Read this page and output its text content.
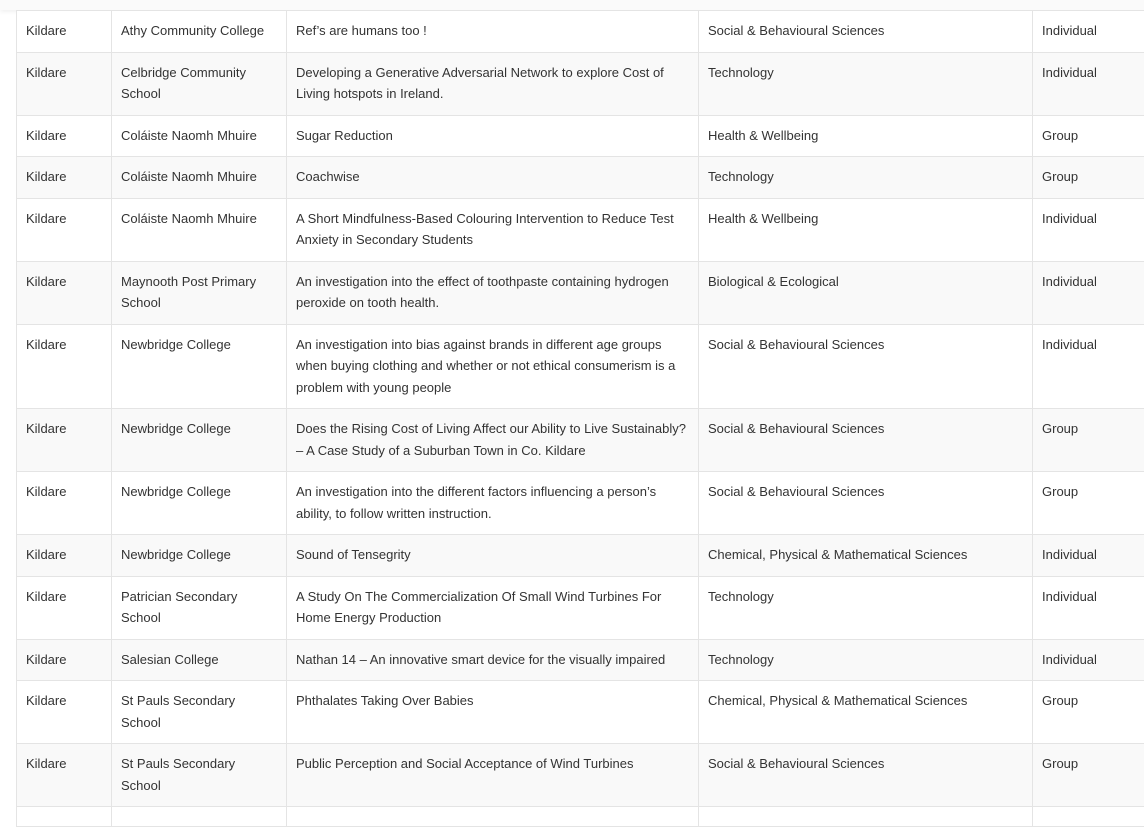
Kildare	Athy Community College	Ref’s are humans too !	Social & Behavioural Sciences	Individual
Kildare	Celbridge Community School	Developing a Generative Adversarial Network to explore Cost of Living hotspots in Ireland.	Technology	Individual
Kildare	Coláiste Naomh Mhuire	Sugar Reduction	Health & Wellbeing	Group
Kildare	Coláiste Naomh Mhuire	Coachwise	Technology	Group
Kildare	Coláiste Naomh Mhuire	A Short Mindfulness-Based Colouring Intervention to Reduce Test Anxiety in Secondary Students	Health & Wellbeing	Individual
Kildare	Maynooth Post Primary School	An investigation into the effect of toothpaste containing hydrogen peroxide on tooth health.	Biological & Ecological	Individual
Kildare	Newbridge College	An investigation into bias against brands in different age groups when buying clothing and whether or not ethical consumerism is a problem with young people	Social & Behavioural Sciences	Individual
Kildare	Newbridge College	Does the Rising Cost of Living Affect our Ability to Live Sustainably? – A Case Study of a Suburban Town in Co. Kildare	Social & Behavioural Sciences	Group
Kildare	Newbridge College	An investigation into the different factors influencing a person’s ability, to follow written instruction.	Social & Behavioural Sciences	Group
Kildare	Newbridge College	Sound of Tensegrity	Chemical, Physical & Mathematical Sciences	Individual
Kildare	Patrician Secondary School	A Study On The Commercialization Of Small Wind Turbines For Home Energy Production	Technology	Individual
Kildare	Salesian College	Nathan 14 – An innovative smart device for the visually impaired	Technology	Individual
Kildare	St Pauls Secondary School	Phthalates Taking Over Babies	Chemical, Physical & Mathematical Sciences	Group
Kildare	St Pauls Secondary School	Public Perception and Social Acceptance of Wind Turbines	Social & Behavioural Sciences	Group
